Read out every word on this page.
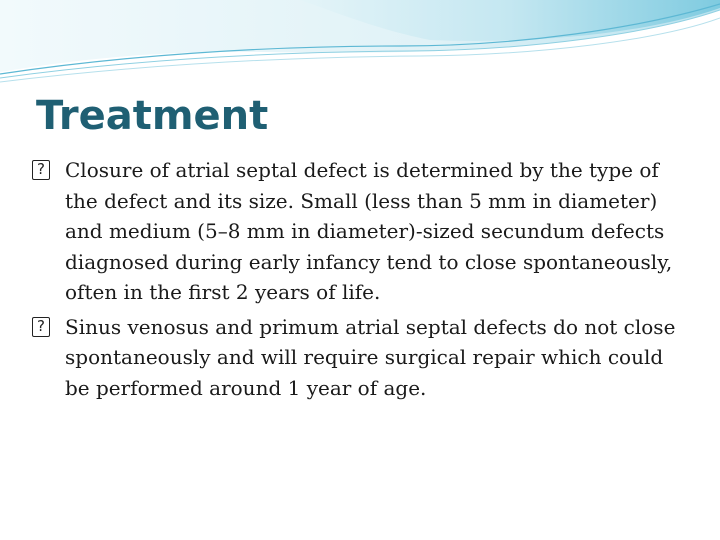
Treatment
? Closure of atrial septal defect is determined by the type of the defect and its size. Small (less than 5 mm in diameter) and medium (5–8 mm in diameter)-sized secundum defects diagnosed during early infancy tend to close spontaneously, often in the first 2 years of life.
? Sinus venosus and primum atrial septal defects do not close spontaneously and will require surgical repair which could be performed around 1 year of age.
